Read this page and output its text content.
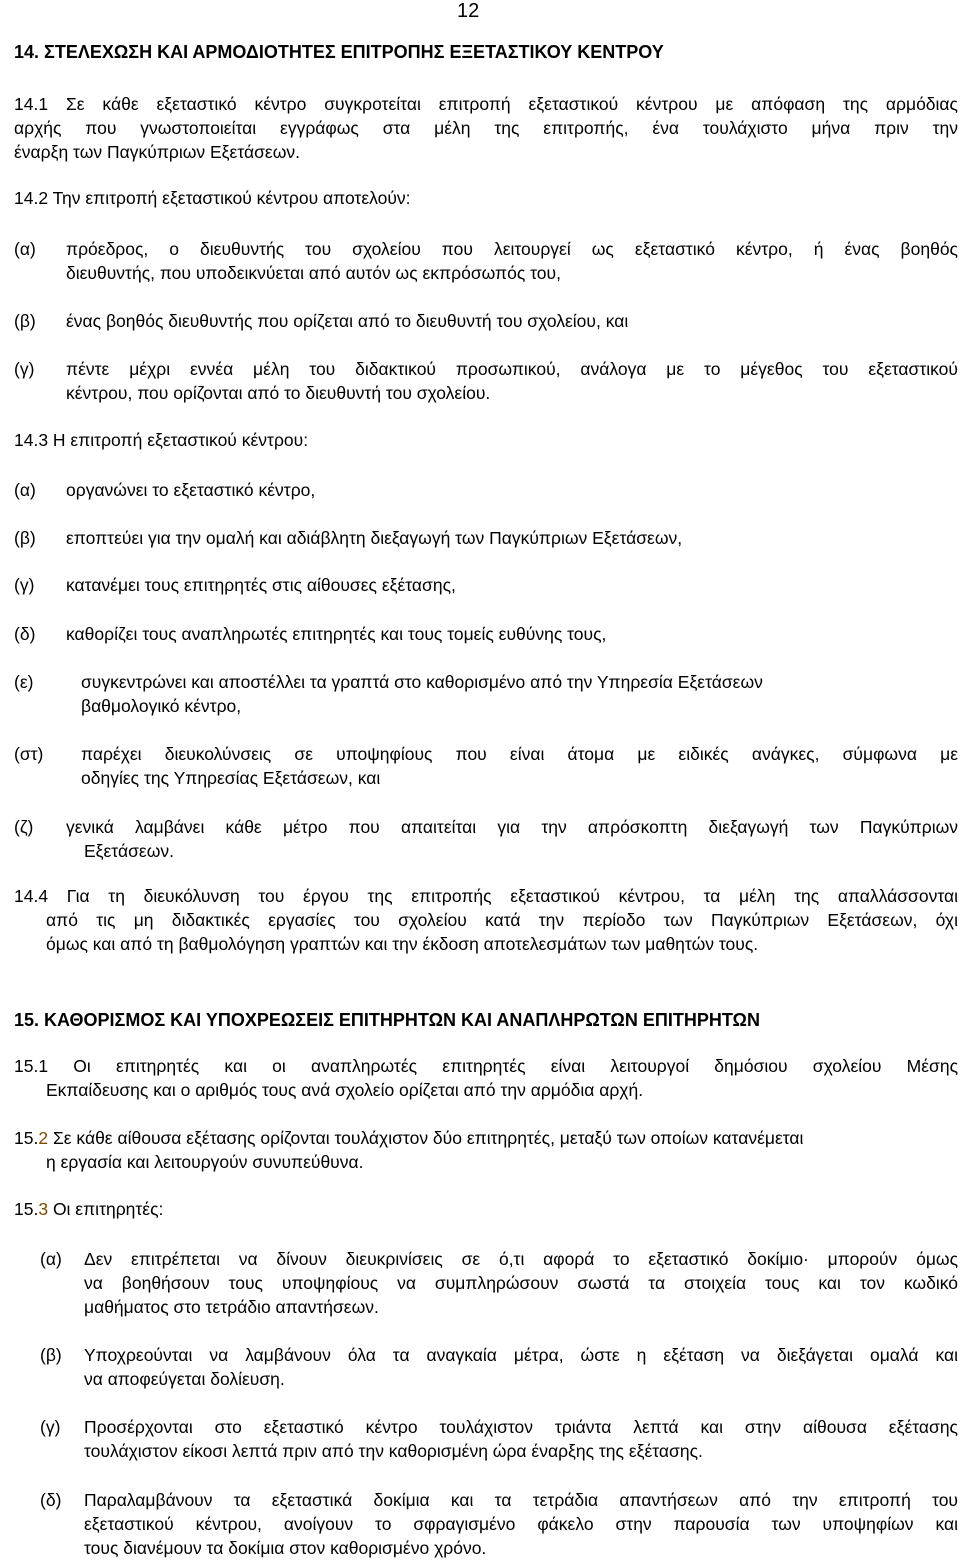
12
14. ΣΤΕΛΕΧΩΣΗ ΚΑΙ ΑΡΜΟΔΙΟΤΗΤΕΣ ΕΠΙΤΡΟΠΗΣ ΕΞΕΤΑΣΤΙΚΟΥ ΚΕΝΤΡΟΥ
14.1 Σε κάθε εξεταστικό κέντρο συγκροτείται επιτροπή εξεταστικού κέντρου με απόφαση της αρμόδιας
αρχής που γνωστοποιείται εγγράφως στα μέλη της επιτροπής, ένα τουλάχιστο μήνα πριν την
έναρξη των Παγκύπριων Εξετάσεων.
14.2 Την επιτροπή εξεταστικού κέντρου αποτελούν:
(α) πρόεδρος, ο διευθυντής του σχολείου που λειτουργεί ως εξεταστικό κέντρο, ή ένας βοηθός
διευθυντής, που υποδεικνύεται από αυτόν ως εκπρόσωπός του,
(β) ένας βοηθός διευθυντής που ορίζεται από το διευθυντή του σχολείου, και
(γ) πέντε μέχρι εννέα μέλη του διδακτικού προσωπικού, ανάλογα με το μέγεθος του εξεταστικού
κέντρου, που ορίζονται από το διευθυντή του σχολείου.
14.3 Η επιτροπή εξεταστικού κέντρου:
(α) οργανώνει το εξεταστικό κέντρο,
(β) εποπτεύει για την ομαλή και αδιάβλητη διεξαγωγή των Παγκύπριων Εξετάσεων,
(γ) κατανέμει τους επιτηρητές στις αίθουσες εξέτασης,
(δ) καθορίζει τους αναπληρωτές επιτηρητές και τους τομείς ευθύνης τους,
(ε)	συγκεντρώνει και αποστέλλει τα γραπτά στο καθορισμένο από την Υπηρεσία Εξετάσεων
βαθμολογικό κέντρο,
(στ) παρέχει διευκολύνσεις σε υποψηφίους που είναι άτομα με ειδικές ανάγκες, σύμφωνα με
οδηγίες της Υπηρεσίας Εξετάσεων, και
(ζ) γενικά λαμβάνει κάθε μέτρο που απαιτείται για την απρόσκοπτη διεξαγωγή των Παγκύπριων
Εξετάσεων.
14.4 Για τη διευκόλυνση του έργου της επιτροπής εξεταστικού κέντρου, τα μέλη της απαλλάσσονται
από τις μη διδακτικές εργασίες του σχολείου κατά την περίοδο των Παγκύπριων Εξετάσεων, όχι
όμως και από τη βαθμολόγηση γραπτών και την έκδοση αποτελεσμάτων των μαθητών τους.
15. ΚΑΘΟΡΙΣΜΟΣ ΚΑΙ ΥΠΟΧΡΕΩΣΕΙΣ ΕΠΙΤΗΡΗΤΩΝ ΚΑΙ ΑΝΑΠΛΗΡΩΤΩΝ ΕΠΙΤΗΡΗΤΩΝ
15.1 Οι επιτηρητές και οι αναπληρωτές επιτηρητές είναι λειτουργοί δημόσιου σχολείου Μέσης
Εκπαίδευσης και ο αριθμός τους ανά σχολείο ορίζεται από την αρμόδια αρχή.
15.2 Σε κάθε αίθουσα εξέτασης ορίζονται τουλάχιστον δύο επιτηρητές, μεταξύ των οποίων κατανέμεται
η εργασία και λειτουργούν συνυπεύθυνα.
15.3 Οι επιτηρητές:
(α) Δεν επιτρέπεται να δίνουν διευκρινίσεις σε ό,τι αφορά το εξεταστικό δοκίμιο· μπορούν όμως
να βοηθήσουν τους υποψηφίους να συμπληρώσουν σωστά τα στοιχεία τους και τον κωδικό
μαθήματος στο τετράδιο απαντήσεων.
(β) Υποχρεούνται να λαμβάνουν όλα τα αναγκαία μέτρα, ώστε η εξέταση να διεξάγεται ομαλά και
να αποφεύγεται δολίευση.
(γ) Προσέρχονται στο εξεταστικό κέντρο τουλάχιστον τριάντα λεπτά και στην αίθουσα εξέτασης
τουλάχιστον είκοσι λεπτά πριν από την καθορισμένη ώρα έναρξης της εξέτασης.
(δ) Παραλαμβάνουν τα εξεταστικά δοκίμια και τα τετράδια απαντήσεων από την επιτροπή του
εξεταστικού κέντρου, ανοίγουν το σφραγισμένο φάκελο στην παρουσία των υποψηφίων και
τους διανέμουν τα δοκίμια στον καθορισμένο χρόνο.
